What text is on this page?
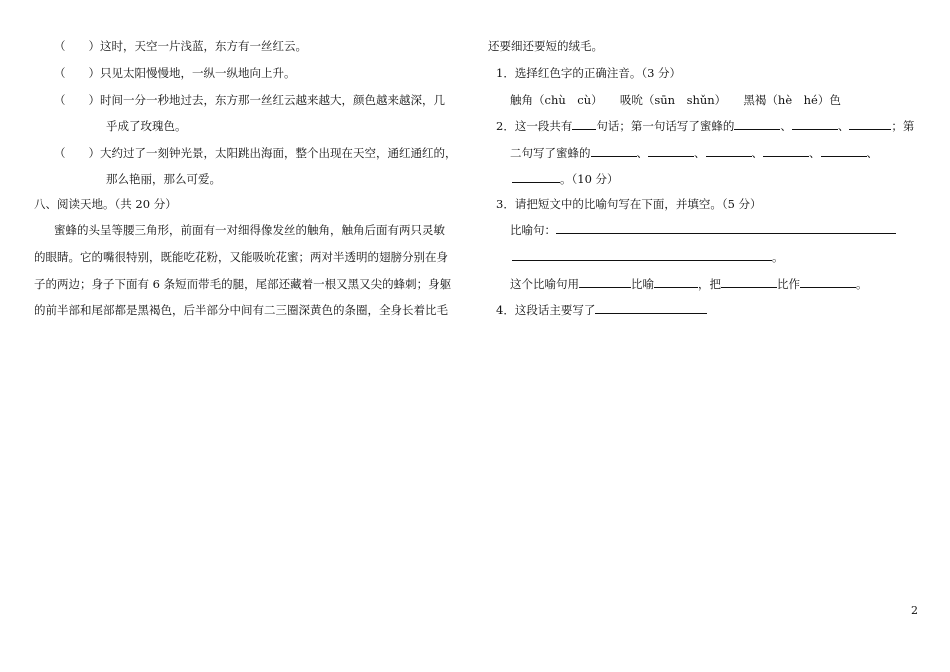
（　　）这时，天空一片浅蓝，东方有一丝红云。
（　　）只见太阳慢慢地，一纵一纵地向上升。
（　　）时间一分一秒地过去，东方那一丝红云越来越大，颜色越来越深，几
乎成了玫瑰色。
（　　）大约过了一刻钟光景，太阳跳出海面，整个出现在天空，通红通红的，
那么艳丽，那么可爱。
八、阅读天地。（共 20 分）
蜜蜂的头呈等腰三角形，前面有一对细得像发丝的触角，触角后面有两只灵敏
的眼睛。它的嘴很特别，既能吃花粉，又能吸吮花蜜；两对半透明的翅膀分别在身
子的两边；身子下面有 6 条短而带毛的腿，尾部还藏着一根又黑又尖的蜂刺；身躯
的前半部和尾部都是黑褐色，后半部分中间有二三圈深黄色的条圈，全身长着比毛
还要细还要短的绒毛。
1．选择红色字的正确注音。（3 分）
触角（chù　cù）　　吸吮（sūn　shǔn）　　黑褐（hè　hé）色
2．这一段共有 句话；第一句话写了蜜蜂的	、	、	；第
二句写了蜜蜂的	、	、	、	、	、
。（10 分）
3．请把短文中的比喻句写在下面，并填空。（5 分）
比喻句：
。
这个比喻句用	比喻	，把	比作	。
4．这段话主要写了
2
